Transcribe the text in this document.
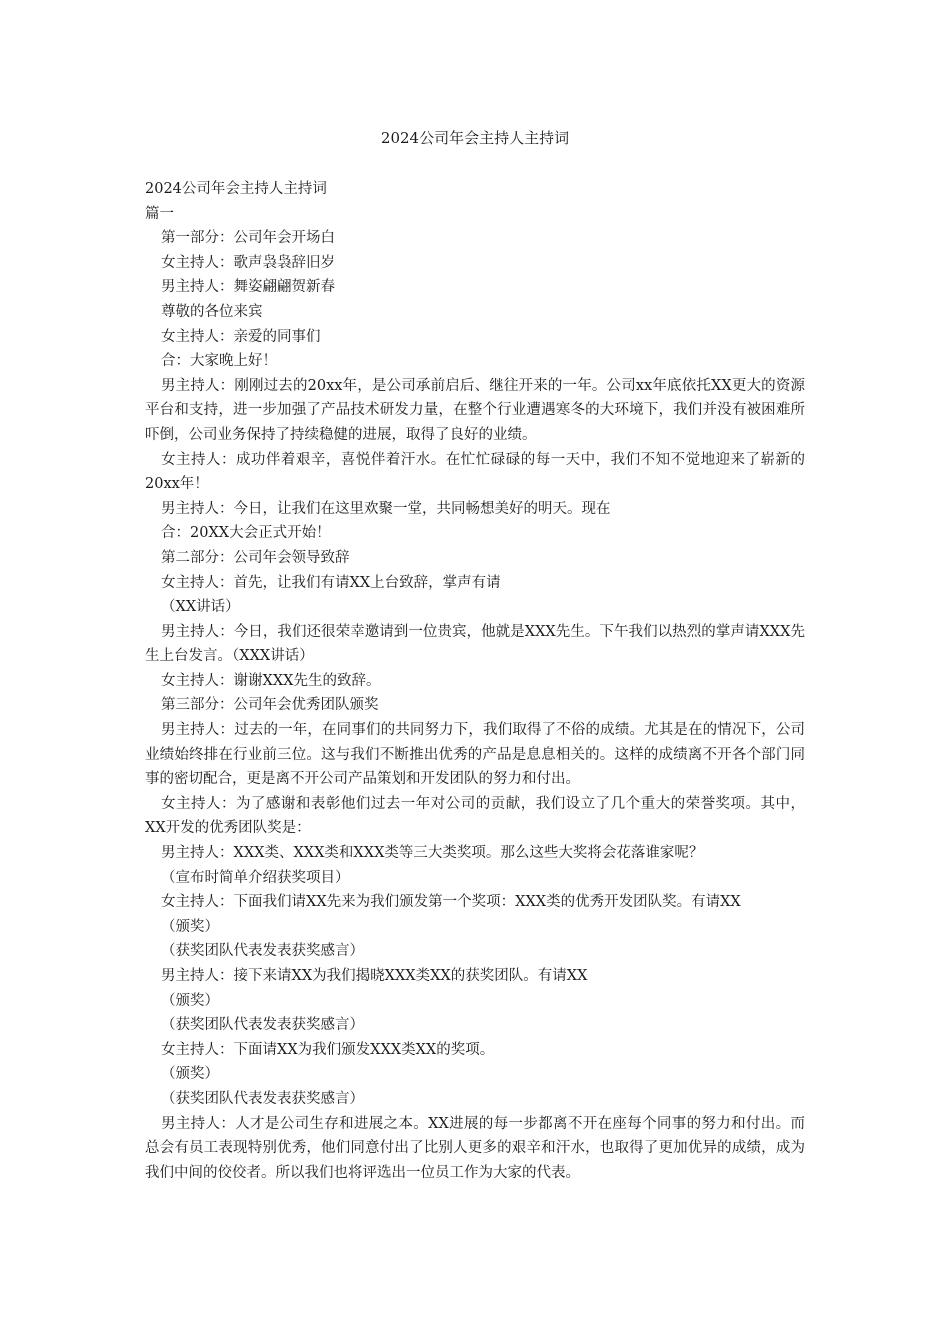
2024公司年会主持人主持词

2024公司年会主持人主持词

篇一

第一部分：公司年会开场白

女主持人：歌声袅袅辞旧岁

男主持人：舞姿翩翩贺新春

尊敬的各位来宾

女主持人：亲爱的同事们

合：大家晚上好！

男主持人：刚刚过去的20xx年，是公司承前启后、继往开来的一年。公司xx年底依托XX更大的资源平台和支持，进一步加强了产品技术研发力量，在整个行业遭遇寒冬的大环境下，我们并没有被困难所吓倒，公司业务保持了持续稳健的进展，取得了良好的业绩。

女主持人：成功伴着艰辛，喜悦伴着汗水。在忙忙碌碌的每一天中，我们不知不觉地迎来了崭新的20xx年！

男主持人：今日，让我们在这里欢聚一堂，共同畅想美好的明天。现在

合：20XX大会正式开始！

第二部分：公司年会领导致辞

女主持人：首先，让我们有请XX上台致辞，掌声有请

（XX讲话）

男主持人：今日，我们还很荣幸邀请到一位贵宾，他就是XXX先生。下午我们以热烈的掌声请XXX先生上台发言。（XXX讲话）

女主持人：谢谢XXX先生的致辞。

第三部分：公司年会优秀团队颁奖

男主持人：过去的一年，在同事们的共同努力下，我们取得了不俗的成绩。尤其是在的情况下，公司业绩始终排在行业前三位。这与我们不断推出优秀的产品是息息相关的。这样的成绩离不开各个部门同事的密切配合，更是离不开公司产品策划和开发团队的努力和付出。

女主持人：为了感谢和表彰他们过去一年对公司的贡献，我们设立了几个重大的荣誉奖项。其中，XX开发的优秀团队奖是：

男主持人：XXX类、XXX类和XXX类等三大类奖项。那么这些大奖将会花落谁家呢？

（宣布时简单介绍获奖项目）

女主持人：下面我们请XX先来为我们颁发第一个奖项：XXX类的优秀开发团队奖。有请XX

（颁奖）

（获奖团队代表发表获奖感言）

男主持人：接下来请XX为我们揭晓XXX类XX的获奖团队。有请XX

（颁奖）

（获奖团队代表发表获奖感言）

女主持人：下面请XX为我们颁发XXX类XX的奖项。

（颁奖）

（获奖团队代表发表获奖感言）

男主持人：人才是公司生存和进展之本。XX进展的每一步都离不开在座每个同事的努力和付出。而总会有员工表现特别优秀，他们同意付出了比别人更多的艰辛和汗水，也取得了更加优异的成绩，成为我们中间的佼佼者。所以我们也将评选出一位员工作为大家的代表。
